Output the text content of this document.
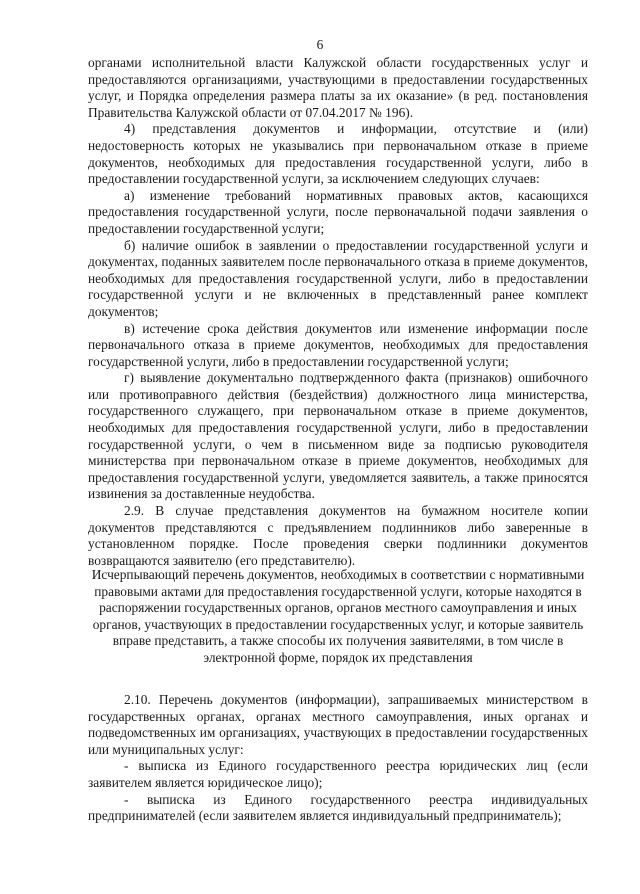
6

органами исполнительной власти Калужской области государственных услуг и предоставляются организациями, участвующими в предоставлении государственных услуг, и Порядка определения размера платы за их оказание» (в ред. постановления Правительства Калужской области от 07.04.2017 № 196).

4) представления документов и информации, отсутствие и (или) недостоверность которых не указывались при первоначальном отказе в приеме документов, необходимых для предоставления государственной услуги, либо в предоставлении государственной услуги, за исключением следующих случаев:

а) изменение требований нормативных правовых актов, касающихся предоставления государственной услуги, после первоначальной подачи заявления о предоставлении государственной услуги;

б) наличие ошибок в заявлении о предоставлении государственной услуги и документах, поданных заявителем после первоначального отказа в приеме документов, необходимых для предоставления государственной услуги, либо в предоставлении государственной услуги и не включенных в представленный ранее комплект документов;

в) истечение срока действия документов или изменение информации после первоначального отказа в приеме документов, необходимых для предоставления государственной услуги, либо в предоставлении государственной услуги;

г) выявление документально подтвержденного факта (признаков) ошибочного или противоправного действия (бездействия) должностного лица министерства, государственного служащего, при первоначальном отказе в приеме документов, необходимых для предоставления государственной услуги, либо в предоставлении государственной услуги, о чем в письменном виде за подписью руководителя министерства при первоначальном отказе в приеме документов, необходимых для предоставления государственной услуги, уведомляется заявитель, а также приносятся извинения за доставленные неудобства.

2.9. В случае представления документов на бумажном носителе копии документов представляются с предъявлением подлинников либо заверенные в установленном порядке. После проведения сверки подлинники документов возвращаются заявителю (его представителю).

Исчерпывающий перечень документов, необходимых в соответствии с нормативными правовыми актами для предоставления государственной услуги, которые находятся в распоряжении государственных органов, органов местного самоуправления и иных органов, участвующих в предоставлении государственных услуг, и которые заявитель вправе представить, а также способы их получения заявителями, в том числе в электронной форме, порядок их представления

2.10. Перечень документов (информации), запрашиваемых министерством в государственных органах, органах местного самоуправления, иных органах и подведомственных им организациях, участвующих в предоставлении государственных или муниципальных услуг:

- выписка из Единого государственного реестра юридических лиц (если заявителем является юридическое лицо);

- выписка из Единого государственного реестра индивидуальных предпринимателей (если заявителем является индивидуальный предприниматель);
